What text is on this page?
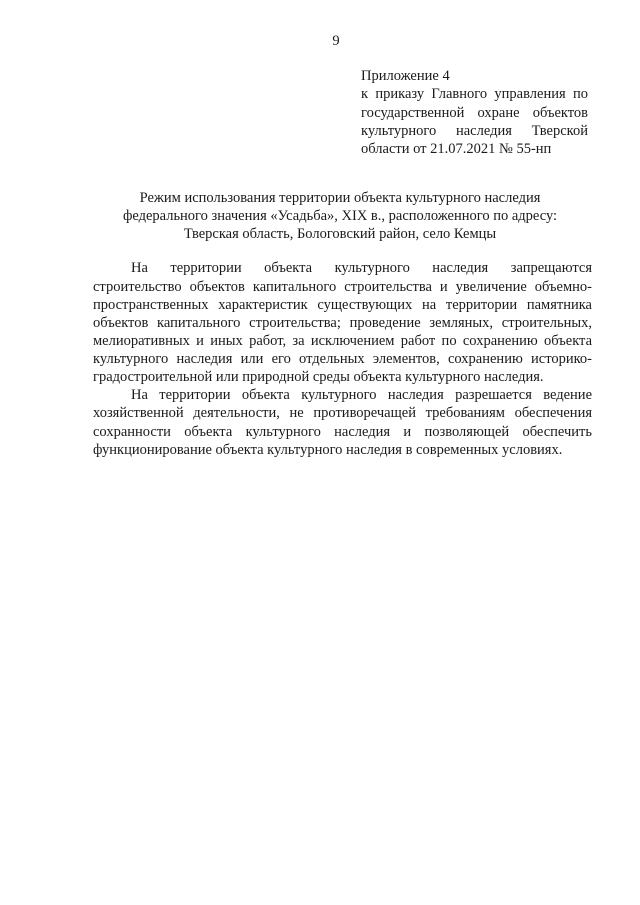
9
Приложение 4
к приказу Главного управления по
государственной охране объектов
культурного наследия Тверской
области от 21.07.2021 № 55-нп
Режим использования территории объекта культурного наследия
федерального значения «Усадьба», XIX в., расположенного по адресу:
Тверская область, Бологовский район, село Кемцы
На территории объекта культурного наследия запрещаются
строительство объектов капитального строительства и увеличение объемно-
пространственных характеристик существующих на территории памятника
объектов капитального строительства; проведение земляных, строительных,
мелиоративных и иных работ, за исключением работ по сохранению объекта
культурного наследия или его отдельных элементов, сохранению историко-
градостроительной или природной среды объекта культурного наследия.
На территории объекта культурного наследия разрешается ведение
хозяйственной деятельности, не противоречащей требованиям обеспечения
сохранности объекта культурного наследия и позволяющей обеспечить
функционирование объекта культурного наследия в современных условиях.
